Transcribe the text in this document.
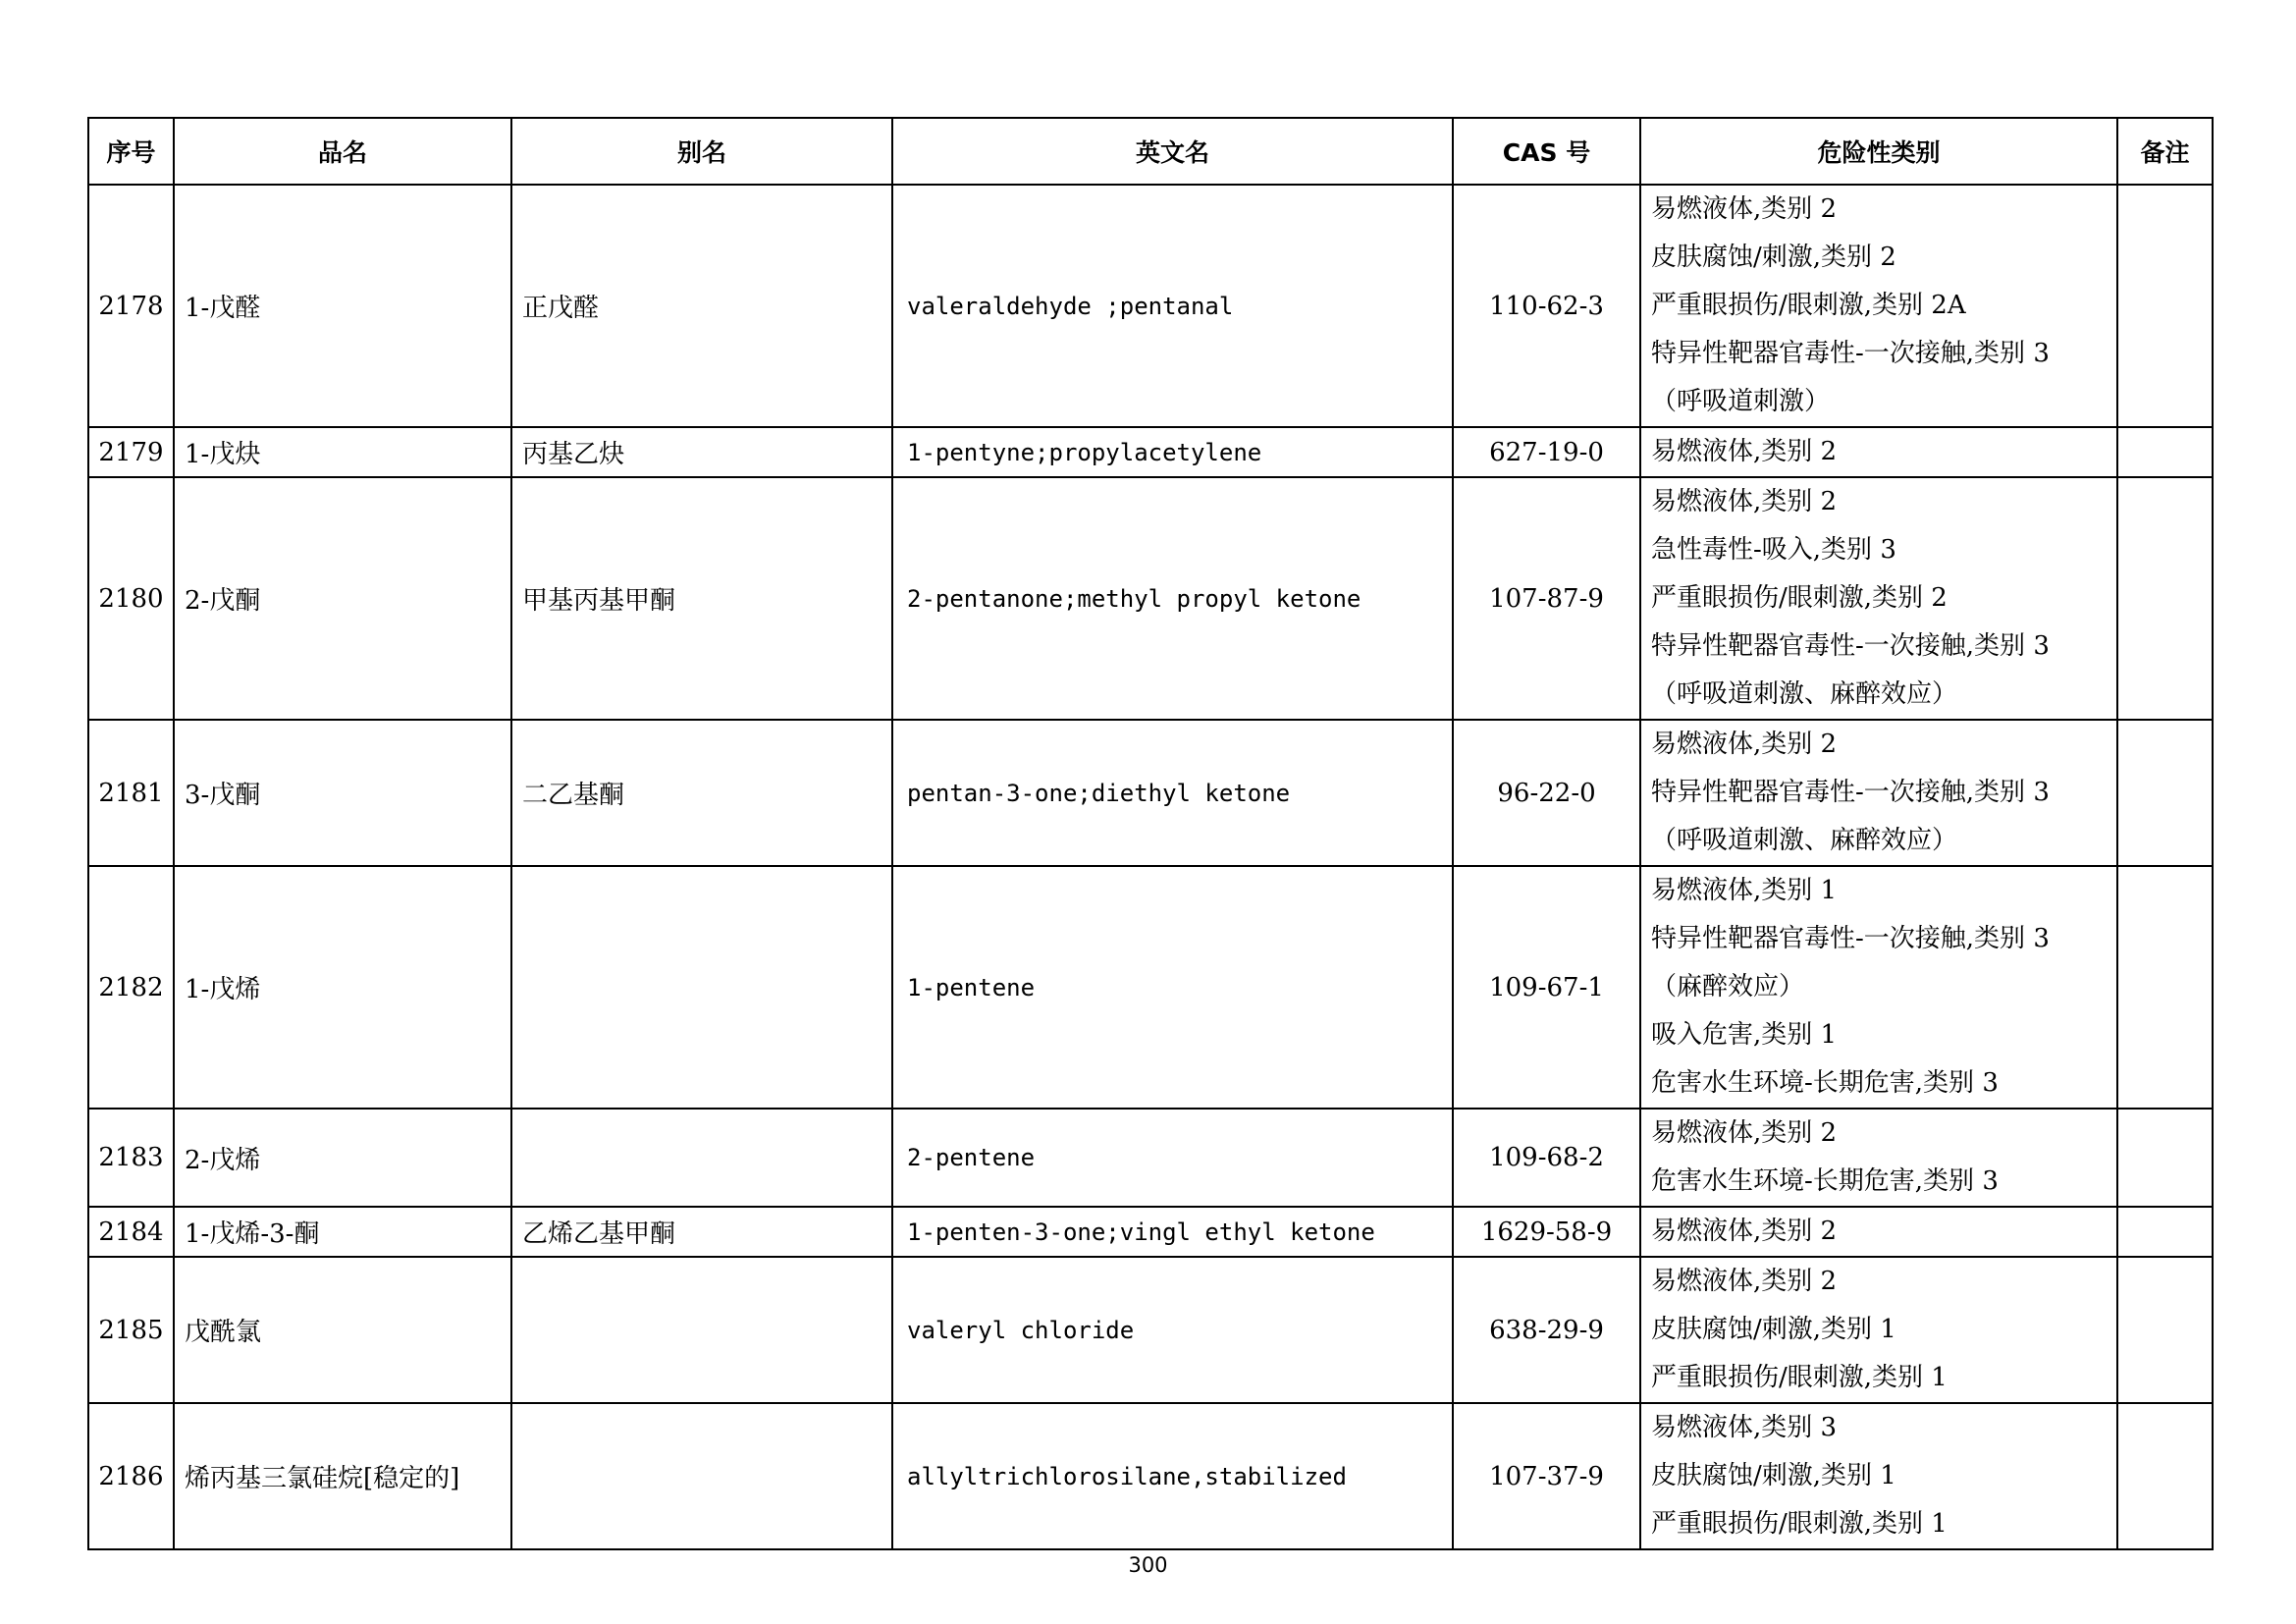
序号	品名	别名	英文名	CAS 号	危险性类别	备注
2178	1-戊醛	正戊醛	valeraldehyde ;pentanal	110-62-3	易燃液体,类别 2
皮肤腐蚀/刺激,类别 2
严重眼损伤/眼刺激,类别 2A
特异性靶器官毒性-一次接触,类别 3
（呼吸道刺激）	

2179	1-戊炔	丙基乙炔	1-pentyne;propylacetylene	627-19-0	易燃液体,类别 2	

2180	2-戊酮	甲基丙基甲酮	2-pentanone;methyl propyl ketone	107-87-9	易燃液体,类别 2
急性毒性-吸入,类别 3
严重眼损伤/眼刺激,类别 2
特异性靶器官毒性-一次接触,类别 3
（呼吸道刺激、麻醉效应）	

2181	3-戊酮	二乙基酮	pentan-3-one;diethyl ketone	96-22-0	易燃液体,类别 2
特异性靶器官毒性-一次接触,类别 3
（呼吸道刺激、麻醉效应）	

2182	1-戊烯		1-pentene	109-67-1	易燃液体,类别 1
特异性靶器官毒性-一次接触,类别 3
（麻醉效应）
吸入危害,类别 1
危害水生环境-长期危害,类别 3	

2183	2-戊烯		2-pentene	109-68-2	易燃液体,类别 2
危害水生环境-长期危害,类别 3	

2184	1-戊烯-3-酮	乙烯乙基甲酮	1-penten-3-one;vingl ethyl ketone	1629-58-9	易燃液体,类别 2	

2185	戊酰氯		valeryl chloride	638-29-9	易燃液体,类别 2
皮肤腐蚀/刺激,类别 1
严重眼损伤/眼刺激,类别 1	

2186	烯丙基三氯硅烷[稳定的]		allyltrichlorosilane,stabilized	107-37-9	易燃液体,类别 3
皮肤腐蚀/刺激,类别 1
严重眼损伤/眼刺激,类别 1	

300
